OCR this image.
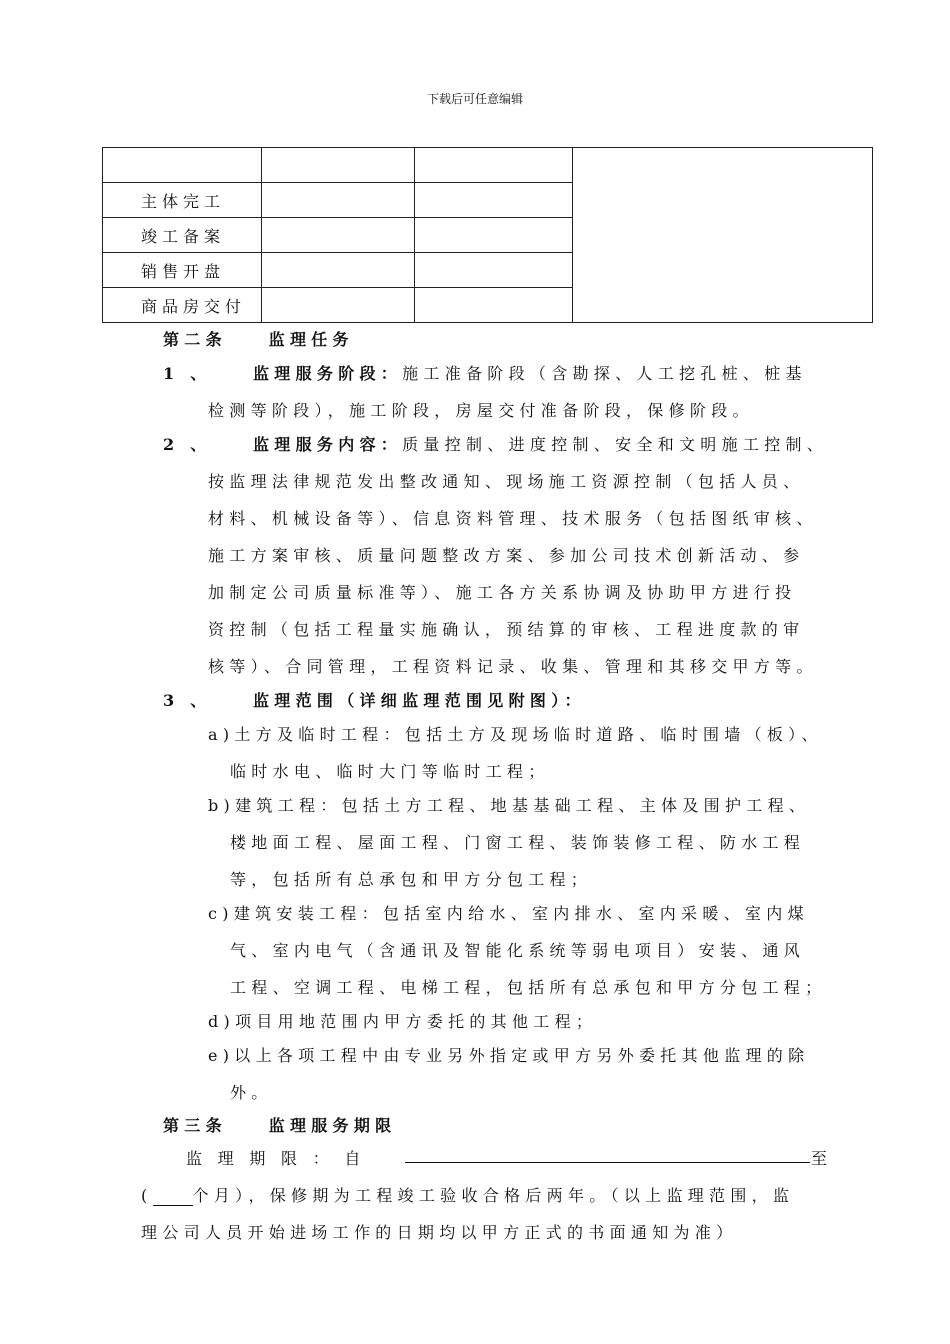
下载后可任意编辑

主体完工			
竣工备案			
销售开盘			
商品房交付			
第二条	监理任务
1 、	监理服务阶段：施工准备阶段（含勘探、人工挖孔桩、桩基
检测等阶段），施工阶段，房屋交付准备阶段，保修阶段。
2 、	监理服务内容：质量控制、进度控制、安全和文明施工控制、
按监理法律规范发出整改通知、现场施工资源控制（包括人员、
材料、机械设备等）、信息资料管理、技术服务（包括图纸审核、
施工方案审核、质量问题整改方案、参加公司技术创新活动、参
加制定公司质量标准等）、施工各方关系协调及协助甲方进行投
资控制（包括工程量实施确认，预结算的审核、工程进度款的审
核等）、合同管理，工程资料记录、收集、管理和其移交甲方等。
3 、	监理范围（详细监理范围见附图）：
a)土方及临时工程：包括土方及现场临时道路、临时围墙（板）、
临时水电、临时大门等临时工程；
b)建筑工程：包括土方工程、地基基础工程、主体及围护工程、
楼地面工程、屋面工程、门窗工程、装饰装修工程、防水工程
等，包括所有总承包和甲方分包工程；
c)建筑安装工程：包括室内给水、室内排水、室内采暖、室内煤
气、室内电气（含通讯及智能化系统等弱电项目）安装、通风
工程、空调工程、电梯工程，包括所有总承包和甲方分包工程；
d)项目用地范围内甲方委托的其他工程；
e)以上各项工程中由专业另外指定或甲方另外委托其他监理的除
外。
第三条	监理服务期限
监 理 期 限 ： 自	至
(	个月），保修期为工程竣工验收合格后两年。（以上监理范围，监
理公司人员开始进场工作的日期均以甲方正式的书面通知为准）
